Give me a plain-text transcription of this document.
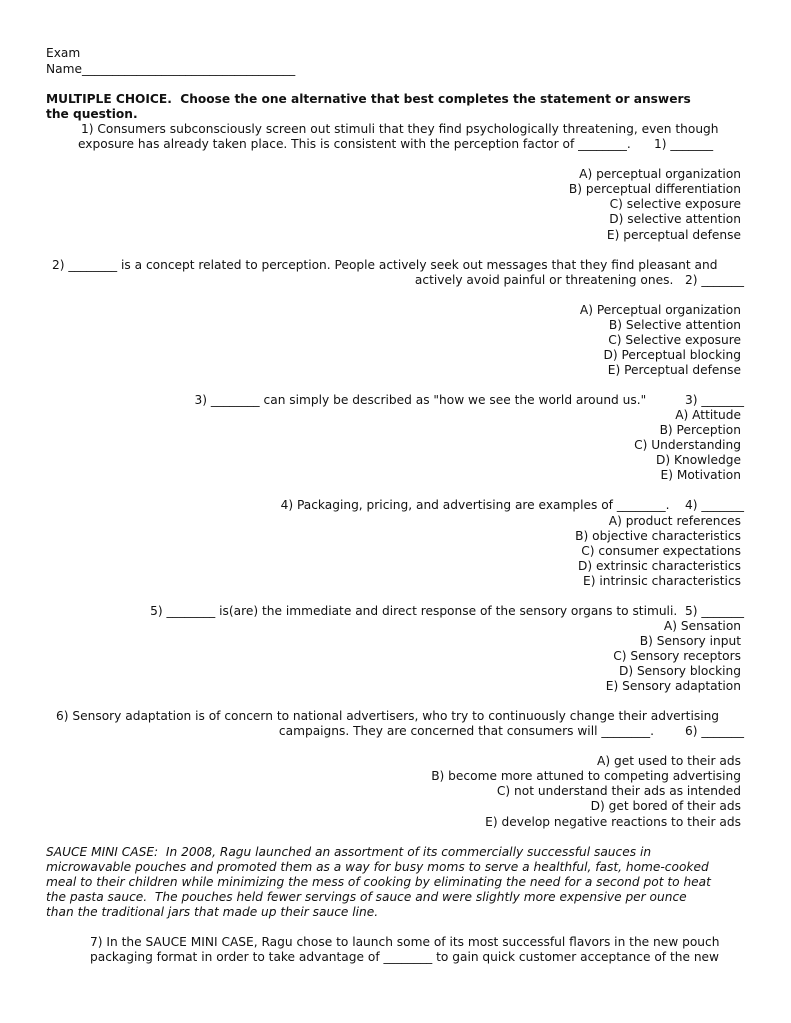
Exam
Name___________________________________
MULTIPLE CHOICE.  Choose the one alternative that best completes the statement or answers
the question.
1) Consumers subconsciously screen out stimuli that they find psychologically threatening, even though
exposure has already taken place. This is consistent with the perception factor of ________.      1) _______
A) perceptual organization
B) perceptual differentiation
C) selective exposure
D) selective attention
E) perceptual defense
2) ________ is a concept related to perception. People actively seek out messages that they find pleasant and
actively avoid painful or threatening ones.   2) _______
A) Perceptual organization
B) Selective attention
C) Selective exposure
D) Perceptual blocking
E) Perceptual defense
3) ________ can simply be described as "how we see the world around us."          3) _______
A) Attitude
B) Perception
C) Understanding
D) Knowledge
E) Motivation
4) Packaging, pricing, and advertising are examples of ________.    4) _______
A) product references
B) objective characteristics
C) consumer expectations
D) extrinsic characteristics
E) intrinsic characteristics
5) ________ is(are) the immediate and direct response of the sensory organs to stimuli.  5) _______
A) Sensation
B) Sensory input
C) Sensory receptors
D) Sensory blocking
E) Sensory adaptation
6) Sensory adaptation is of concern to national advertisers, who try to continuously change their advertising
campaigns. They are concerned that consumers will ________.        6) _______
A) get used to their ads
B) become more attuned to competing advertising
C) not understand their ads as intended
D) get bored of their ads
E) develop negative reactions to their ads
SAUCE MINI CASE:  In 2008, Ragu launched an assortment of its commercially successful sauces in
microwavable pouches and promoted them as a way for busy moms to serve a healthful, fast, home-cooked
meal to their children while minimizing the mess of cooking by eliminating the need for a second pot to heat
the pasta sauce.  The pouches held fewer servings of sauce and were slightly more expensive per ounce
than the traditional jars that made up their sauce line.
7) In the SAUCE MINI CASE, Ragu chose to launch some of its most successful flavors in the new pouch
packaging format in order to take advantage of ________ to gain quick customer acceptance of the new
